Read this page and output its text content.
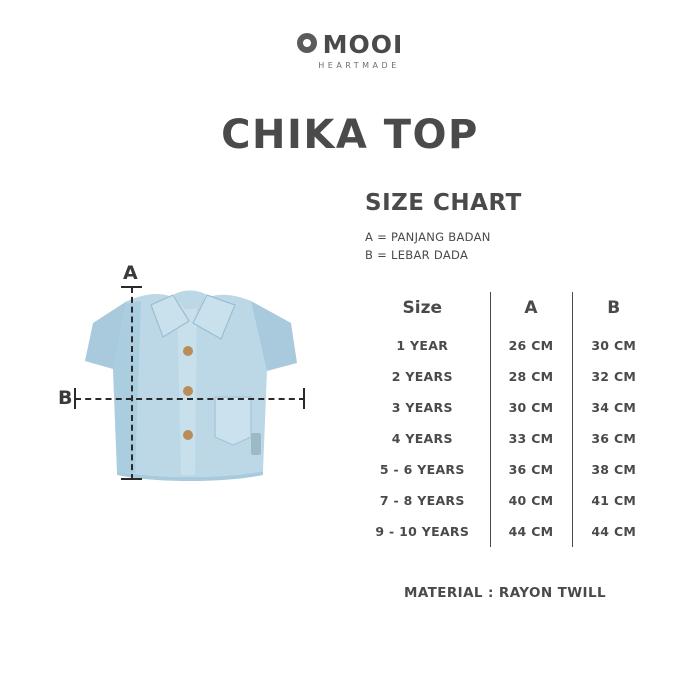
MOOI
HEARTMADE
CHIKA TOP
SIZE CHART
A = PANJANG BADAN
B = LEBAR DADA
Size	A	B
1 YEAR	26 CM	30 CM
2 YEARS	28 CM	32 CM
3 YEARS	30 CM	34 CM
4 YEARS	33 CM	36 CM
5 - 6 YEARS	36 CM	38 CM
7 - 8 YEARS	40 CM	41 CM
9 - 10 YEARS	44 CM	44 CM
MATERIAL : RAYON TWILL
A
B
